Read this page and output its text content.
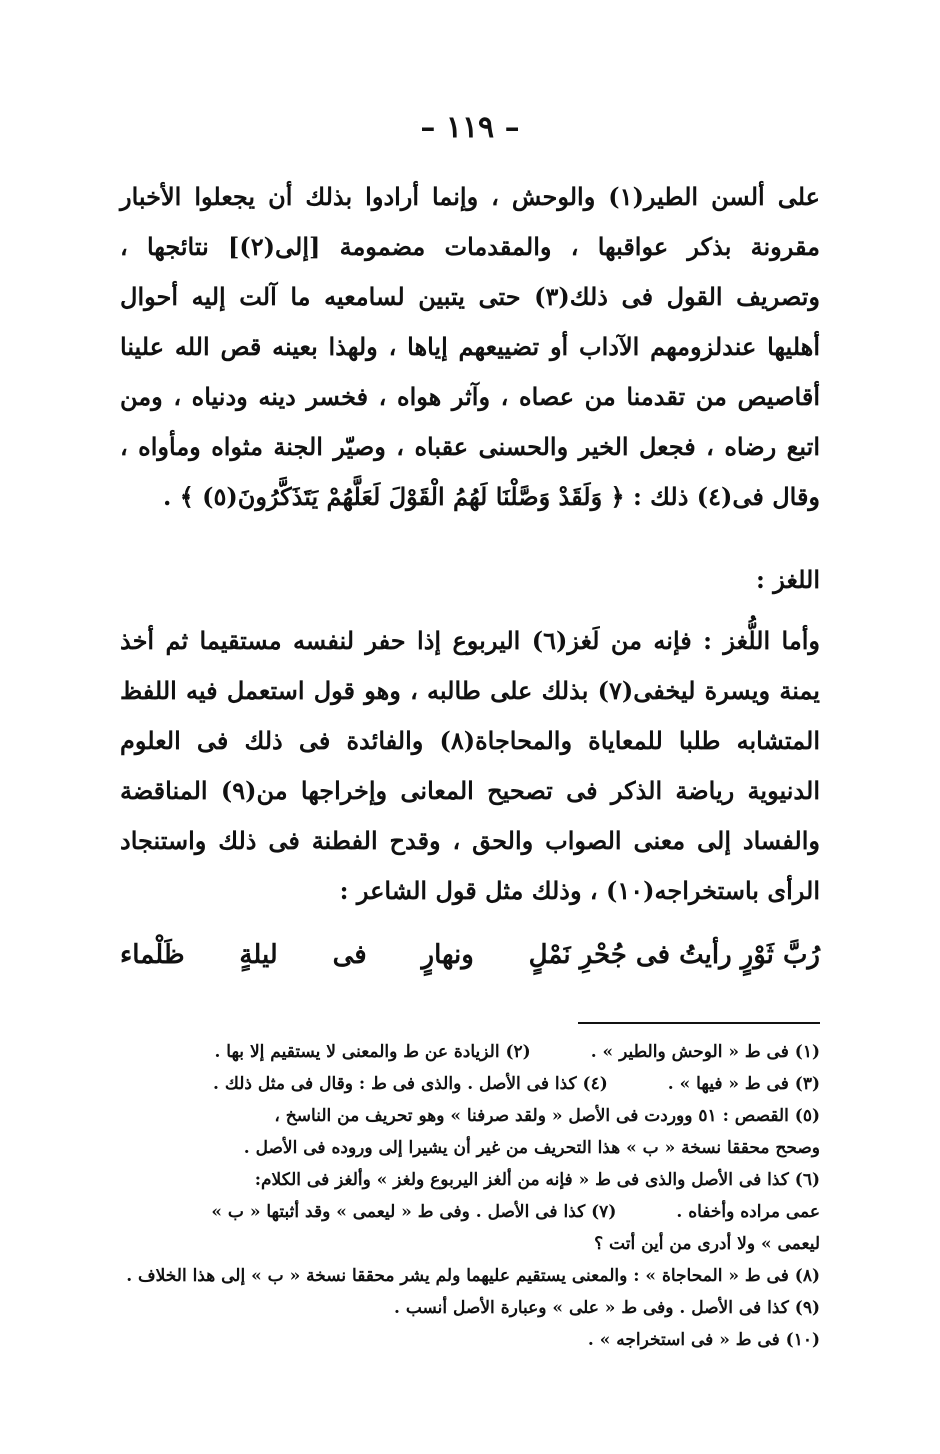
– ١١٩ –
على ألسن الطير(١) والوحش ، وإنما أرادوا بذلك أن يجعلوا الأخبار مقرونة بذكر عواقبها ، والمقدمات مضمومة [إلى(٢)] نتائجها ، وتصريف القول فى ذلك(٣) حتى يتبين لسامعيه ما آلت إليه أحوال أهليها عندلزومهم الآداب أو تضييعهم إياها ، ولهذا بعينه قص الله علينا أقاصيص من تقدمنا من عصاه ، وآثر هواه ، فخسر دينه ودنياه ، ومن اتبع رضاه ، فجعل الخير والحسنى عقباه ، وصيّر الجنة مثواه ومأواه ، وقال فى(٤) ذلك : ﴿ وَلَقَدْ وَصَّلْنَا لَهُمُ الْقَوْلَ لَعَلَّهُمْ يَتَذَكَّرُونَ(٥) ﴾ .
اللغز :
وأما اللُّغز : فإنه من لَغز(٦) اليربوع إذا حفر لنفسه مستقيما ثم أخذ يمنة ويسرة ليخفى(٧) بذلك على طالبه ، وهو قول استعمل فيه اللفظ المتشابه طلبا للمعاياة والمحاجاة(٨) والفائدة فى ذلك فى العلوم الدنيوية رياضة الذكر فى تصحيح المعانى وإخراجها من(٩) المناقضة والفساد إلى معنى الصواب والحق ، وقدح الفطنة فى ذلك واستنجاد الرأى باستخراجه(١٠) ، وذلك مثل قول الشاعر :
رُبَّ ثَوْرٍ رأيتُ فى جُحْرِ نَمْلٍ
ونهارٍ
فى
ليلةٍ
ظَلْماء
(١) فى ط « الوحش والطير » .
(٢) الزيادة عن ط والمعنى لا يستقيم إلا بها .
(٣) فى ط « فيها » .
(٤) كذا فى الأصل . والذى فى ط : وقال فى مثل ذلك .
(٥) القصص : ٥١ ووردت فى الأصل « ولقد صرفنا » وهو تحريف من الناسخ ،
وصحح محققا نسخة « ب » هذا التحريف من غير أن يشيرا إلى وروده فى الأصل .
(٦) كذا فى الأصل والذى فى ط « فإنه من ألغز اليربوع ولغز » وألغز فى الكلام:
عمى مراده وأخفاه .
(٧) كذا فى الأصل . وفى ط « ليعمى » وقد أثبتها « ب »
ليعمى » ولا أدرى من أين أتت ؟
(٨) فى ط « المحاجاة » : والمعنى يستقيم عليهما ولم يشر محققا نسخة « ب » إلى هذا الخلاف .
(٩) كذا فى الأصل . وفى ط « على » وعبارة الأصل أنسب .
(١٠) فى ط « فى استخراجه » .
